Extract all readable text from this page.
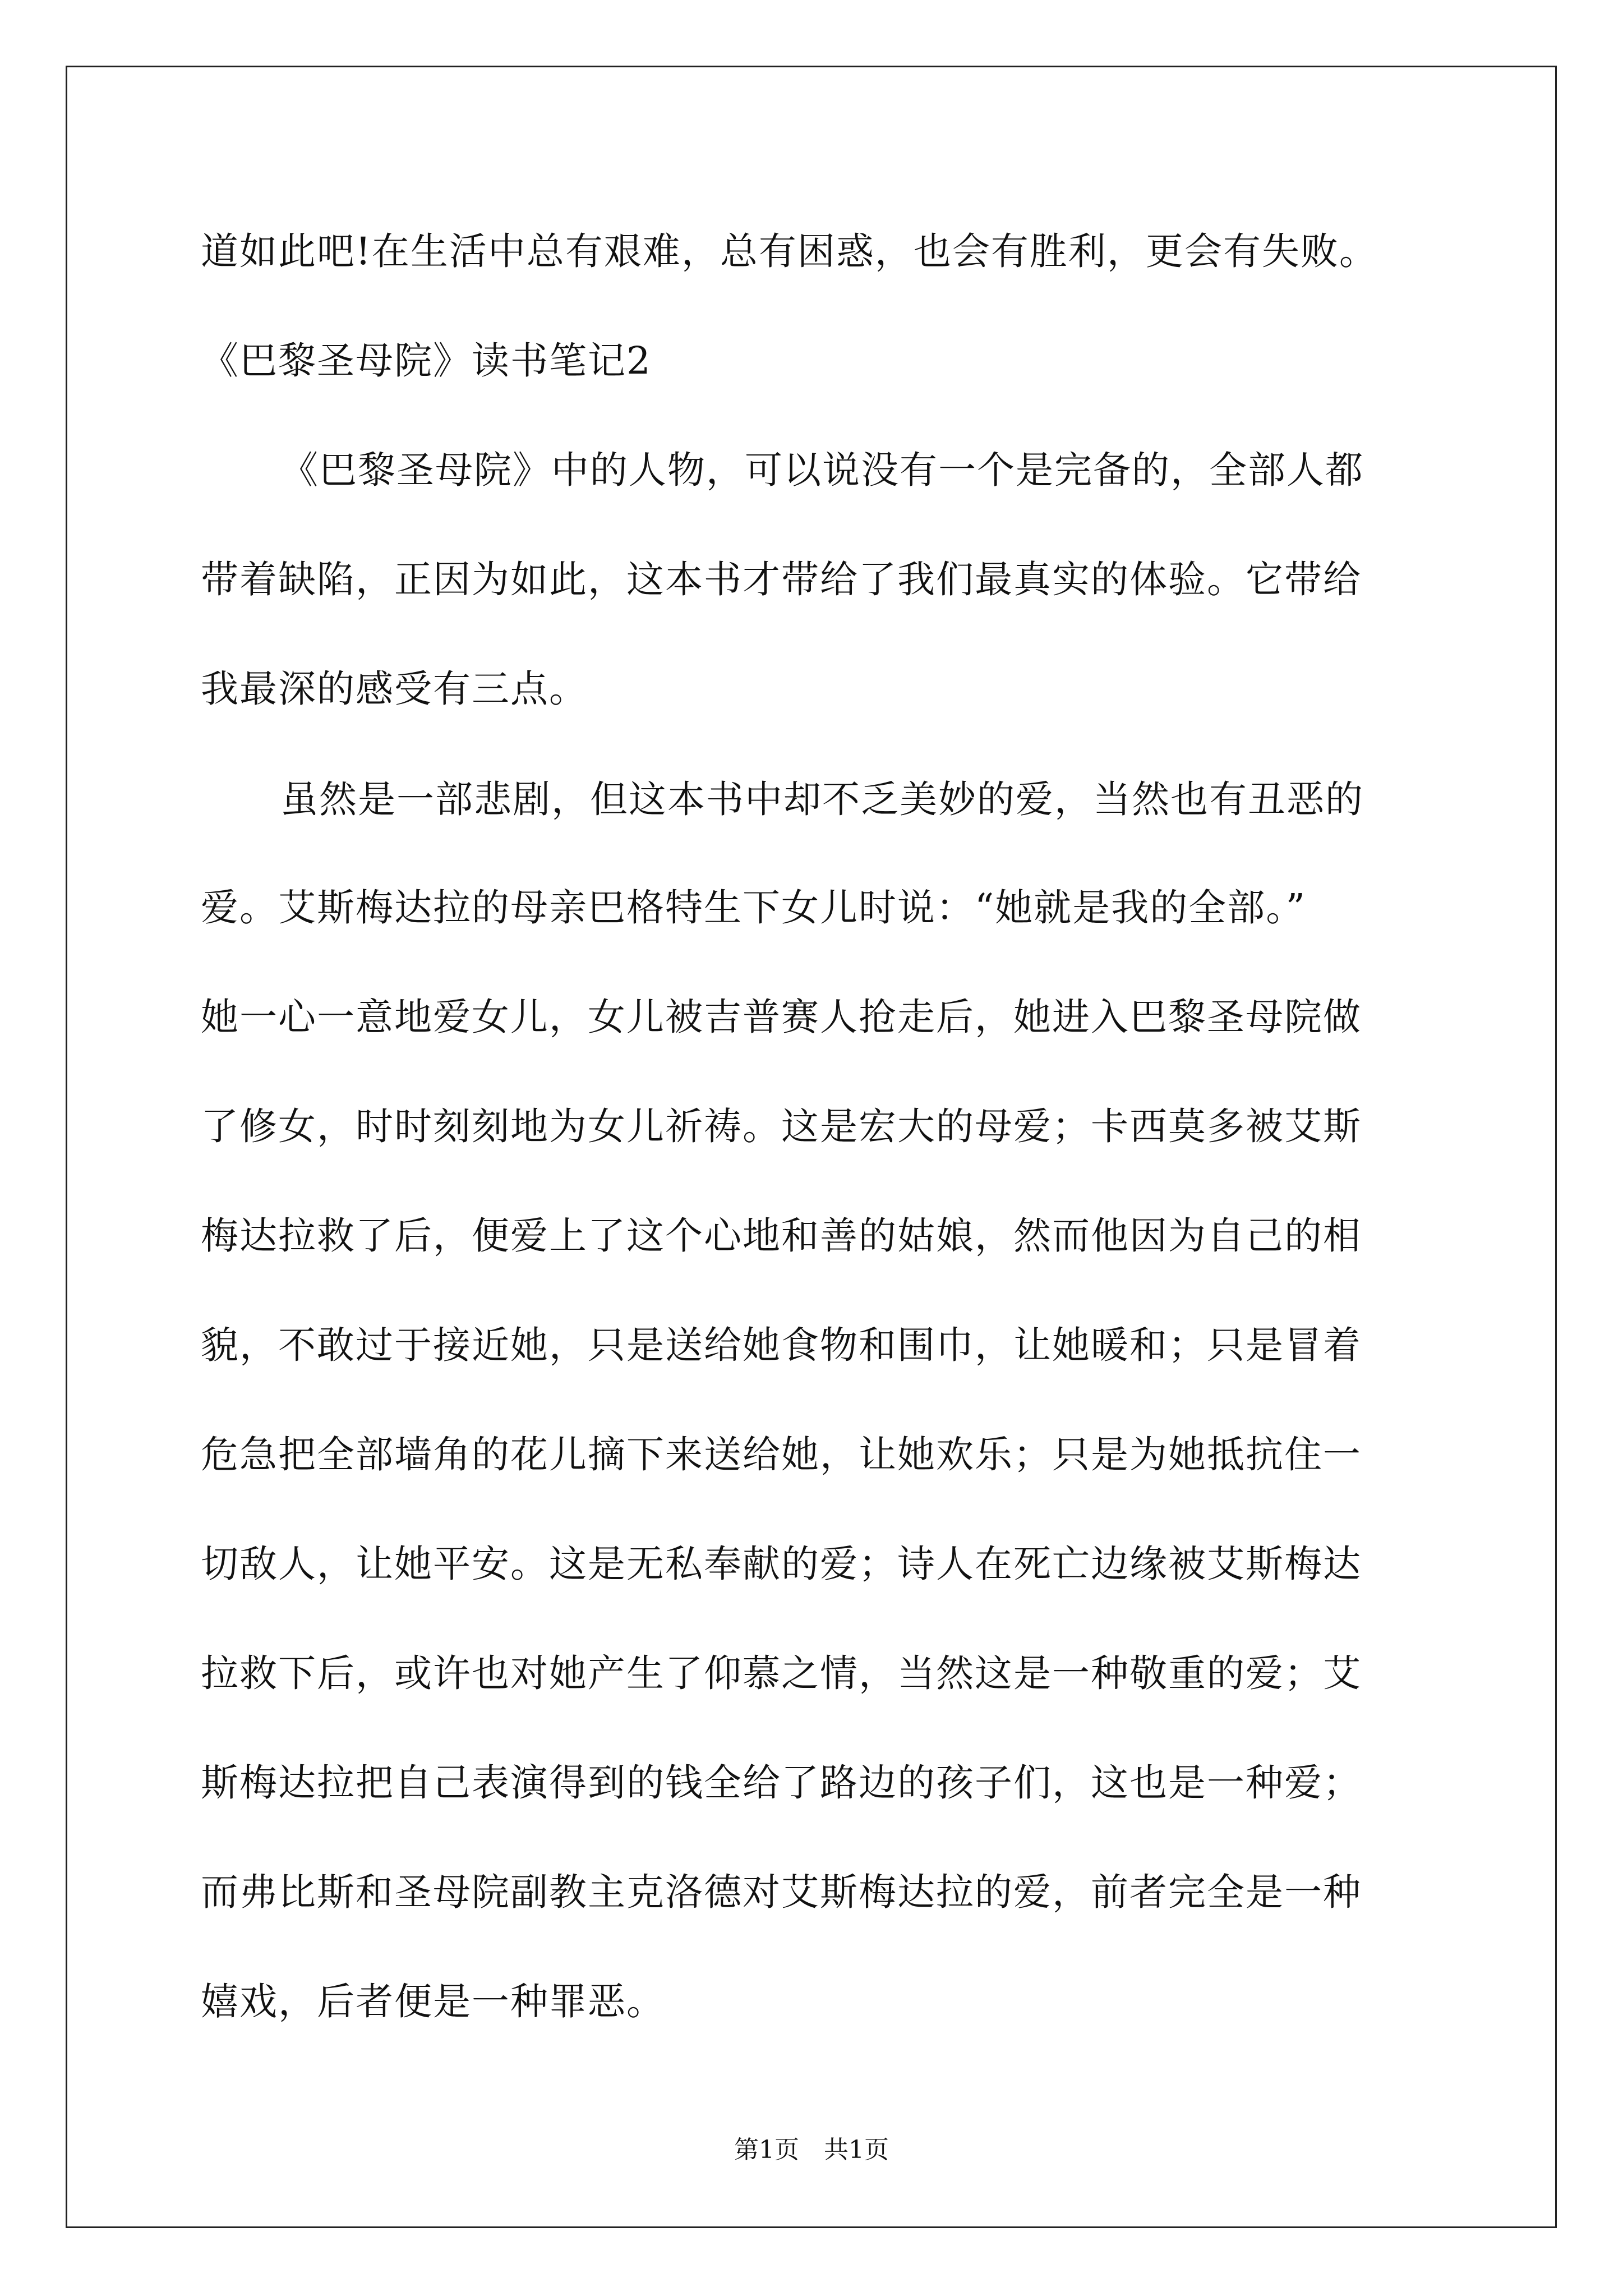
道如此吧!在生活中总有艰难，总有困惑，也会有胜利，更会有失败。
《巴黎圣母院》读书笔记2
《巴黎圣母院》中的人物，可以说没有一个是完备的，全部人都
带着缺陷，正因为如此，这本书才带给了我们最真实的体验。它带给
我最深的感受有三点。
虽然是一部悲剧，但这本书中却不乏美妙的爱，当然也有丑恶的
爱。艾斯梅达拉的母亲巴格特生下女儿时说：“她就是我的全部。”
她一心一意地爱女儿，女儿被吉普赛人抢走后，她进入巴黎圣母院做
了修女，时时刻刻地为女儿祈祷。这是宏大的母爱；卡西莫多被艾斯
梅达拉救了后，便爱上了这个心地和善的姑娘，然而他因为自己的相
貌，不敢过于接近她，只是送给她食物和围巾，让她暖和；只是冒着
危急把全部墙角的花儿摘下来送给她，让她欢乐；只是为她抵抗住一
切敌人，让她平安。这是无私奉献的爱；诗人在死亡边缘被艾斯梅达
拉救下后，或许也对她产生了仰慕之情，当然这是一种敬重的爱；艾
斯梅达拉把自己表演得到的钱全给了路边的孩子们，这也是一种爱；
而弗比斯和圣母院副教主克洛德对艾斯梅达拉的爱，前者完全是一种
嬉戏，后者便是一种罪恶。
第1页　共1页
